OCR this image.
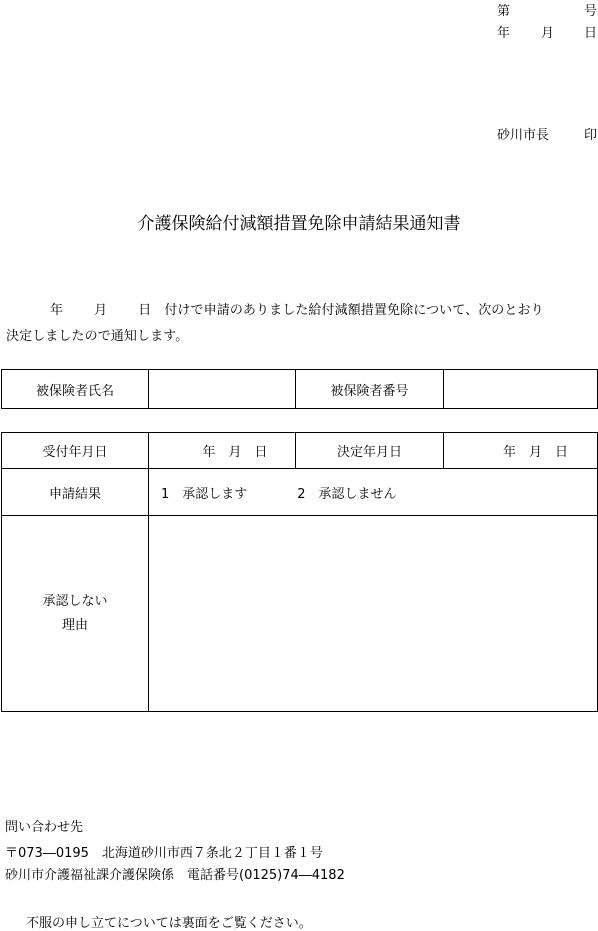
第	号
年 月 日
砂川市長	印
介護保険給付減額措置免除申請結果通知書
年 月 日 付けで申請のありました給付減額措置免除について、次のとおり
決定しましたので通知します。
被保険者氏名		被保険者番号	
受付年月日	年　月　日	決定年月日	年　月　日
申請結果	1　承認します 2　承認しません		

承認しない
理由			

問い合わせ先
〒073―0195　北海道砂川市西７条北２丁目１番１号
砂川市介護福祉課介護保険係　電話番号(0125)74―4182
不服の申し立てについては裏面をご覧ください。
